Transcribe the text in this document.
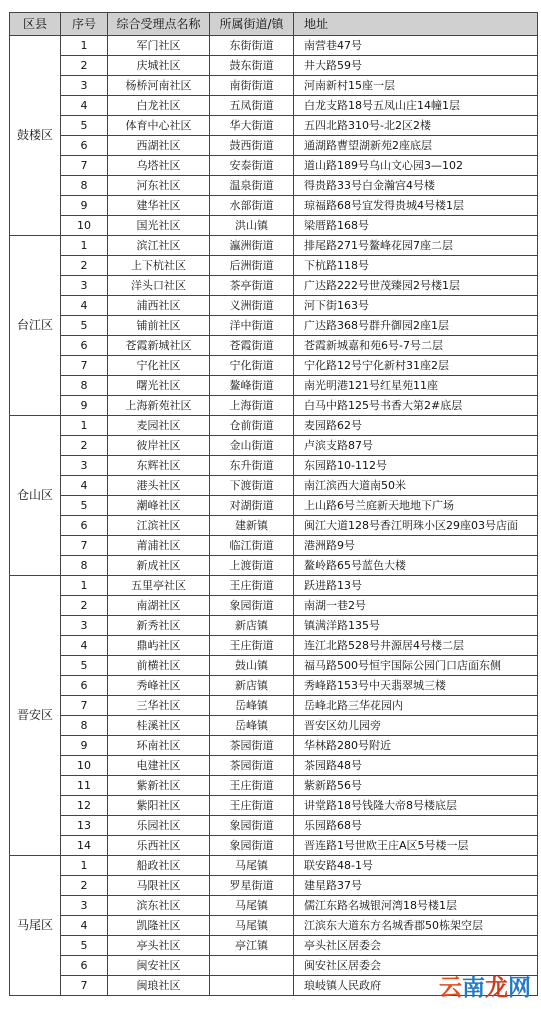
区县	序号	综合受理点名称	所属街道/镇	地址
鼓楼区	1	军门社区	东街街道	南营巷47号
	2	庆城社区	鼓东街道	井大路59号
	3	杨桥河南社区	南街街道	河南新村15座一层
	4	白龙社区	五凤街道	白龙支路18号五凤山庄14幢1层
	5	体育中心社区	华大街道	五四北路310号-北2区2楼
	6	西湖社区	鼓西街道	通湖路曹望湖新苑2座底层
	7	乌塔社区	安泰街道	道山路189号乌山文心园3—102
	8	河东社区	温泉街道	得贵路33号白金瀚宫4号楼
	9	建华社区	水部街道	琼福路68号宜发得贵城4号楼1层
	10	国光社区	洪山镇	梁厝路168号
台江区	1	滨江社区	瀛洲街道	排尾路271号鳌峰花园7座二层
	2	上下杭社区	后洲街道	下杭路118号
	3	洋头口社区	茶亭街道	广达路222号世茂臻园2号楼1层
	4	浦西社区	义洲街道	河下街163号
	5	铺前社区	洋中街道	广达路368号群升御园2座1层
	6	苍霞新城社区	苍霞街道	苍霞新城嘉和苑6号-7号二层
	7	宁化社区	宁化街道	宁化路12号宁化新村31座2层
	8	曙光社区	鳌峰街道	南光明港121号红星苑11座
	9	上海新苑社区	上海街道	白马中路125号书香大第2#底层
仓山区	1	麦园社区	仓前街道	麦园路62号
	2	彼岸社区	金山街道	卢滨支路87号
	3	东辉社区	东升街道	东园路10-112号
	4	港头社区	下渡街道	南江滨西大道南50米
	5	潮峰社区	对湖街道	上山路6号兰庭新天地地下广场
	6	江滨社区	建新镇	闽江大道128号香江明珠小区29座03号店面
	7	莆浦社区	临江街道	港洲路9号
	8	新成社区	上渡街道	鳌岭路65号蓝色大楼
晋安区	1	五里亭社区	王庄街道	跃进路13号
	2	南湖社区	象园街道	南湖一巷2号
	3	新秀社区	新店镇	镇满洋路135号
	4	鼎屿社区	王庄街道	连江北路528号井源居4号楼二层
	5	前横社区	鼓山镇	福马路500号恒宇国际公园门口店面东侧
	6	秀峰社区	新店镇	秀峰路153号中天翡翠城三楼
	7	三华社区	岳峰镇	岳峰北路三华花园内
	8	桂溪社区	岳峰镇	晋安区幼儿园旁
	9	环南社区	茶园街道	华林路280号附近
	10	电建社区	茶园街道	茶园路48号
	11	紫新社区	王庄街道	紫新路56号
	12	紫阳社区	王庄街道	讲堂路18号钱隆大帝8号楼底层
	13	乐园社区	象园街道	乐园路68号
	14	乐西社区	象园街道	晋连路1号世欧王庄A区5号楼一层
马尾区	1	船政社区	马尾镇	联安路48-1号
	2	马限社区	罗星街道	建星路37号
	3	滨东社区	马尾镇	儒江东路名城银河湾18号楼1层
	4	凯隆社区	马尾镇	江滨东大道东方名城香郡50栋架空层
	5	亭头社区	亭江镇	亭头社区居委会
	6	闽安社区		闽安社区居委会
	7	闽琅社区		琅岐镇人民政府	云南龙网
